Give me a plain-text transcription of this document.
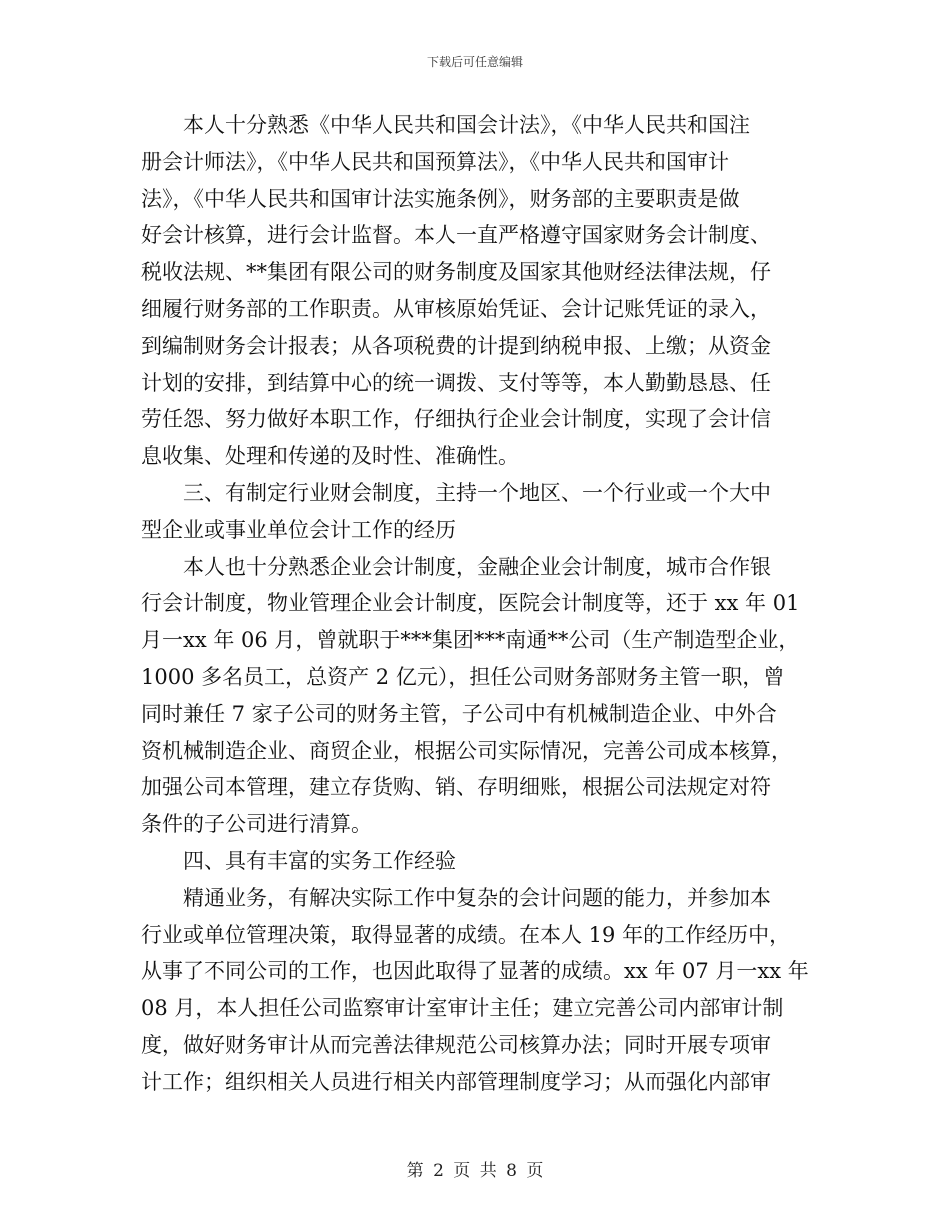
下载后可任意编辑
本人十分熟悉《中华人民共和国会计法》，《中华人民共和国注
册会计师法》，《中华人民共和国预算法》，《中华人民共和国审计
法》，《中华人民共和国审计法实施条例》，财务部的主要职责是做
好会计核算，进行会计监督。本人一直严格遵守国家财务会计制度、
税收法规、**集团有限公司的财务制度及国家其他财经法律法规，仔
细履行财务部的工作职责。从审核原始凭证、会计记账凭证的录入，
到编制财务会计报表；从各项税费的计提到纳税申报、上缴；从资金
计划的安排，到结算中心的统一调拨、支付等等，本人勤勤恳恳、任
劳任怨、努力做好本职工作，仔细执行企业会计制度，实现了会计信
息收集、处理和传递的及时性、准确性。
三、有制定行业财会制度，主持一个地区、一个行业或一个大中
型企业或事业单位会计工作的经历
本人也十分熟悉企业会计制度，金融企业会计制度，城市合作银
行会计制度，物业管理企业会计制度，医院会计制度等，还于 xx 年 01
月一xx 年 06 月，曾就职于***集团***南通**公司（生产制造型企业，
1000 多名员工，总资产 2 亿元），担任公司财务部财务主管一职，曾
同时兼任 7 家子公司的财务主管，子公司中有机械制造企业、中外合
资机械制造企业、商贸企业，根据公司实际情况，完善公司成本核算，
加强公司本管理，建立存货购、销、存明细账，根据公司法规定对符
条件的子公司进行清算。
四、具有丰富的实务工作经验
精通业务，有解决实际工作中复杂的会计问题的能力，并参加本
行业或单位管理决策，取得显著的成绩。在本人 19 年的工作经历中，
从事了不同公司的工作，也因此取得了显著的成绩。xx 年 07 月一xx 年
08 月，本人担任公司监察审计室审计主任；建立完善公司内部审计制
度，做好财务审计从而完善法律规范公司核算办法；同时开展专项审
计工作；组织相关人员进行相关内部管理制度学习；从而强化内部审
第 2 页 共 8 页
